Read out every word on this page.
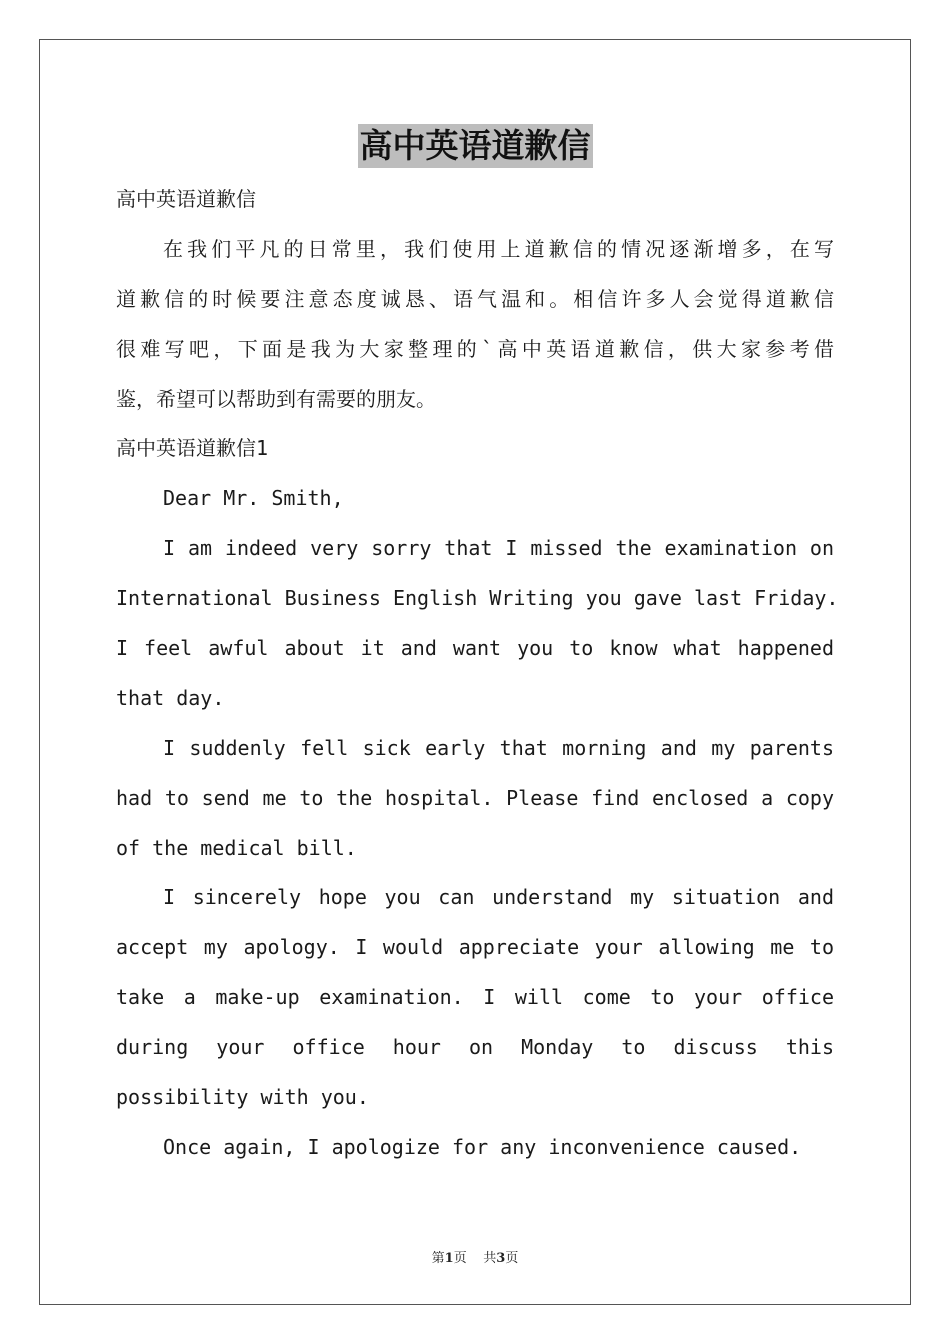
高中英语道歉信
高中英语道歉信
在我们平凡的日常里，我们使用上道歉信的情况逐渐增多，在写
道歉信的时候要注意态度诚恳、语气温和。相信许多人会觉得道歉信
很难写吧，下面是我为大家整理的`高中英语道歉信，供大家参考借
鉴，希望可以帮助到有需要的朋友。
高中英语道歉信1
Dear Mr. Smith,
I am indeed very sorry that I missed the examination on
International Business English Writing you gave last Friday.
I feel awful about it and want you to know what happened
that day.
I suddenly fell sick early that morning and my parents
had to send me to the hospital. Please find enclosed a copy
of the medical bill.
I sincerely hope you can understand my situation and
accept my apology. I would appreciate your allowing me to
take a make-up examination. I will come to your office
during your office hour on Monday to discuss this
possibility with you.
Once again, I apologize for any inconvenience caused.
第1页 共3页
